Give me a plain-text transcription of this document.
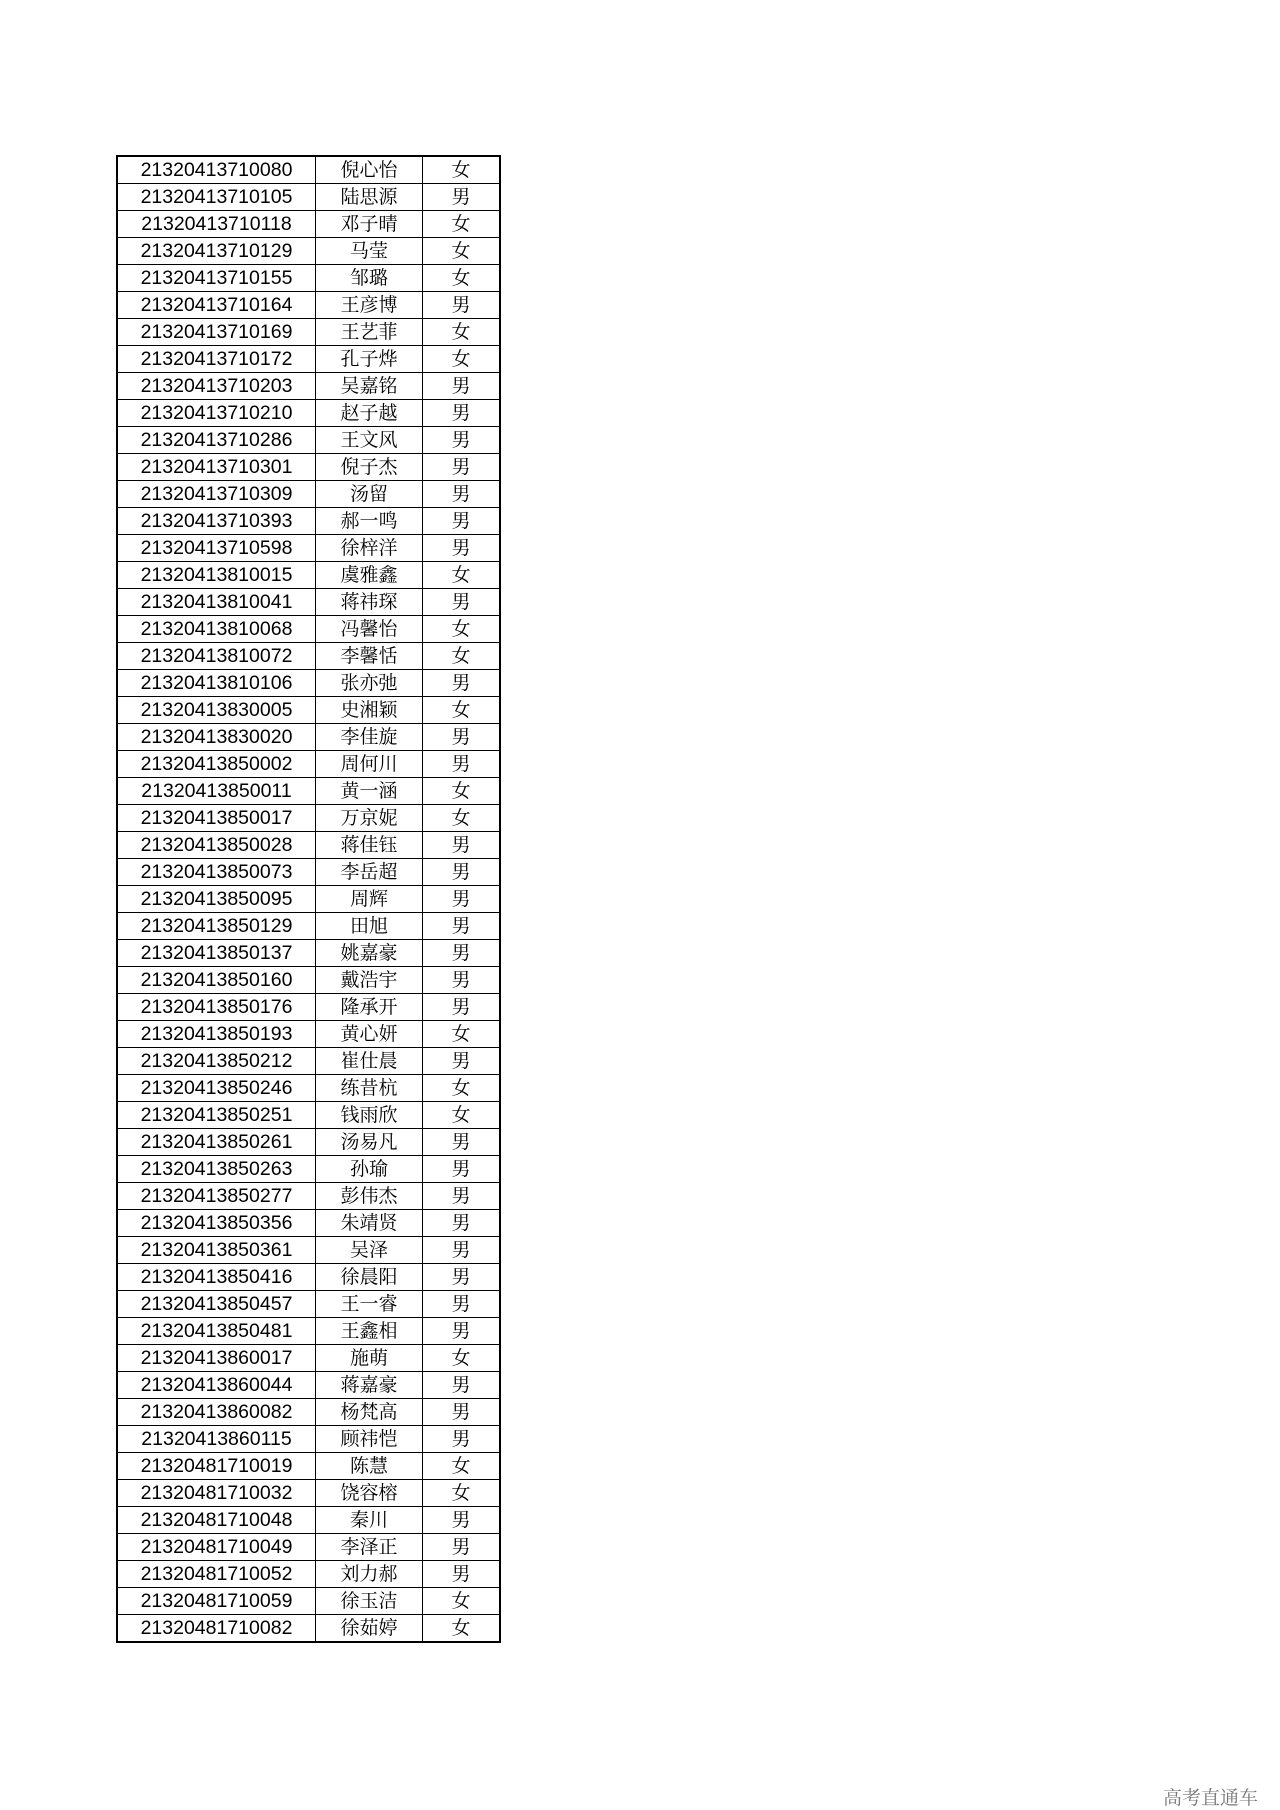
21320413710080	倪心怡	女
21320413710105	陆思源	男
21320413710118	邓子晴	女
21320413710129	马莹	女
21320413710155	邹璐	女
21320413710164	王彦博	男
21320413710169	王艺菲	女
21320413710172	孔子烨	女
21320413710203	吴嘉铭	男
21320413710210	赵子越	男
21320413710286	王文风	男
21320413710301	倪子杰	男
21320413710309	汤留	男
21320413710393	郝一鸣	男
21320413710598	徐梓洋	男
21320413810015	虞雅鑫	女
21320413810041	蒋祎琛	男
21320413810068	冯馨怡	女
21320413810072	李馨恬	女
21320413810106	张亦弛	男
21320413830005	史湘颖	女
21320413830020	李佳旋	男
21320413850002	周何川	男
21320413850011	黄一涵	女
21320413850017	万京妮	女
21320413850028	蒋佳钰	男
21320413850073	李岳超	男
21320413850095	周辉	男
21320413850129	田旭	男
21320413850137	姚嘉豪	男
21320413850160	戴浩宇	男
21320413850176	隆承开	男
21320413850193	黄心妍	女
21320413850212	崔仕晨	男
21320413850246	练昔杭	女
21320413850251	钱雨欣	女
21320413850261	汤易凡	男
21320413850263	孙瑜	男
21320413850277	彭伟杰	男
21320413850356	朱靖贤	男
21320413850361	吴泽	男
21320413850416	徐晨阳	男
21320413850457	王一睿	男
21320413850481	王鑫相	男
21320413860017	施萌	女
21320413860044	蒋嘉豪	男
21320413860082	杨梵高	男
21320413860115	顾祎恺	男
21320481710019	陈慧	女
21320481710032	饶容榕	女
21320481710048	秦川	男
21320481710049	李泽正	男
21320481710052	刘力郝	男
21320481710059	徐玉洁	女
21320481710082	徐茹婷	女
高考直通车
